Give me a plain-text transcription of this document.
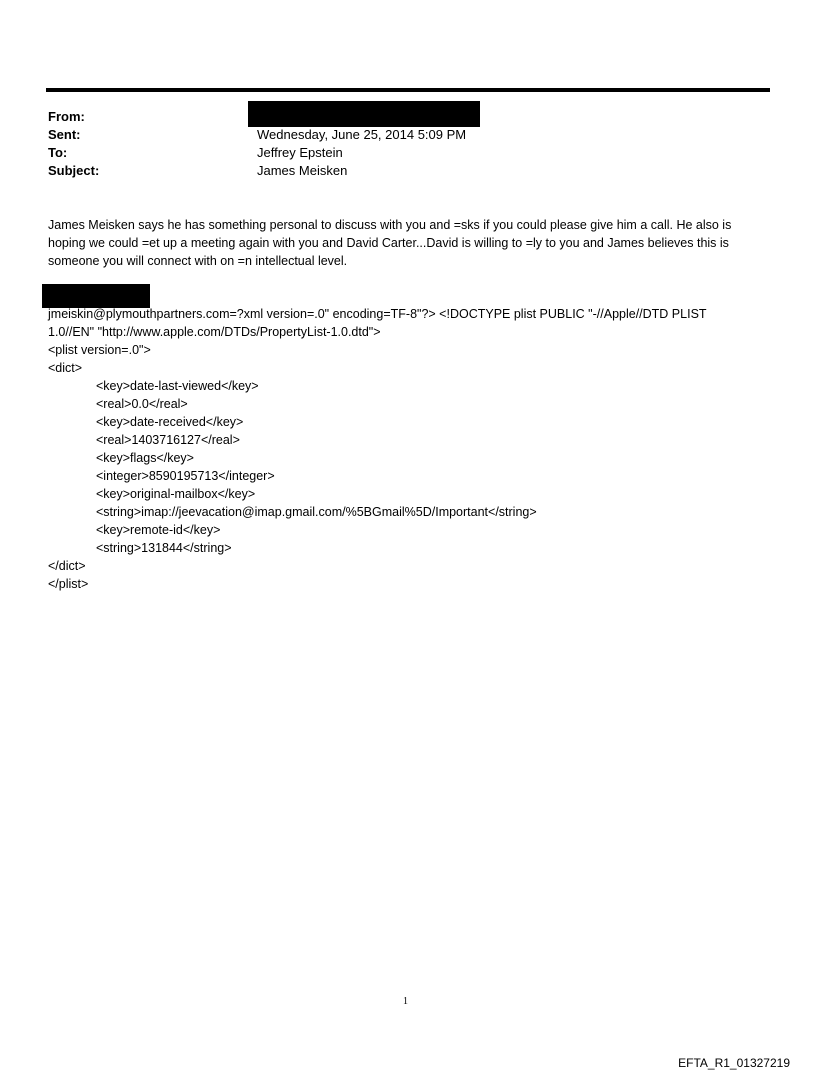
From:
Sent:	Wednesday, June 25, 2014 5:09 PM
To:	Jeffrey Epstein
Subject:	James Meisken
James Meisken says he has something personal to discuss with you and =sks if you could please give him a call. He also is hoping we could =et up a meeting again with you and David Carter...David is willing to =ly to you and James believes this is someone you will connect with on =n intellectual level.
jmeiskin@plymouthpartners.com=?xml version=.0" encoding=TF-8"?> <!DOCTYPE plist PUBLIC "-//Apple//DTD PLIST
1.0//EN" "http://www.apple.com/DTDs/PropertyList-1.0.dtd">
<plist version=.0">
<dict>
<key>date-last-viewed</key>
<real>0.0</real>
<key>date-received</key>
<real>1403716127</real>
<key>flags</key>
<integer>8590195713</integer>
<key>original-mailbox</key>
<string>imap://jeevacation@imap.gmail.com/%5BGmail%5D/Important</string>
<key>remote-id</key>
<string>131844</string>
</dict>
</plist>
1
EFTA_R1_01327219
